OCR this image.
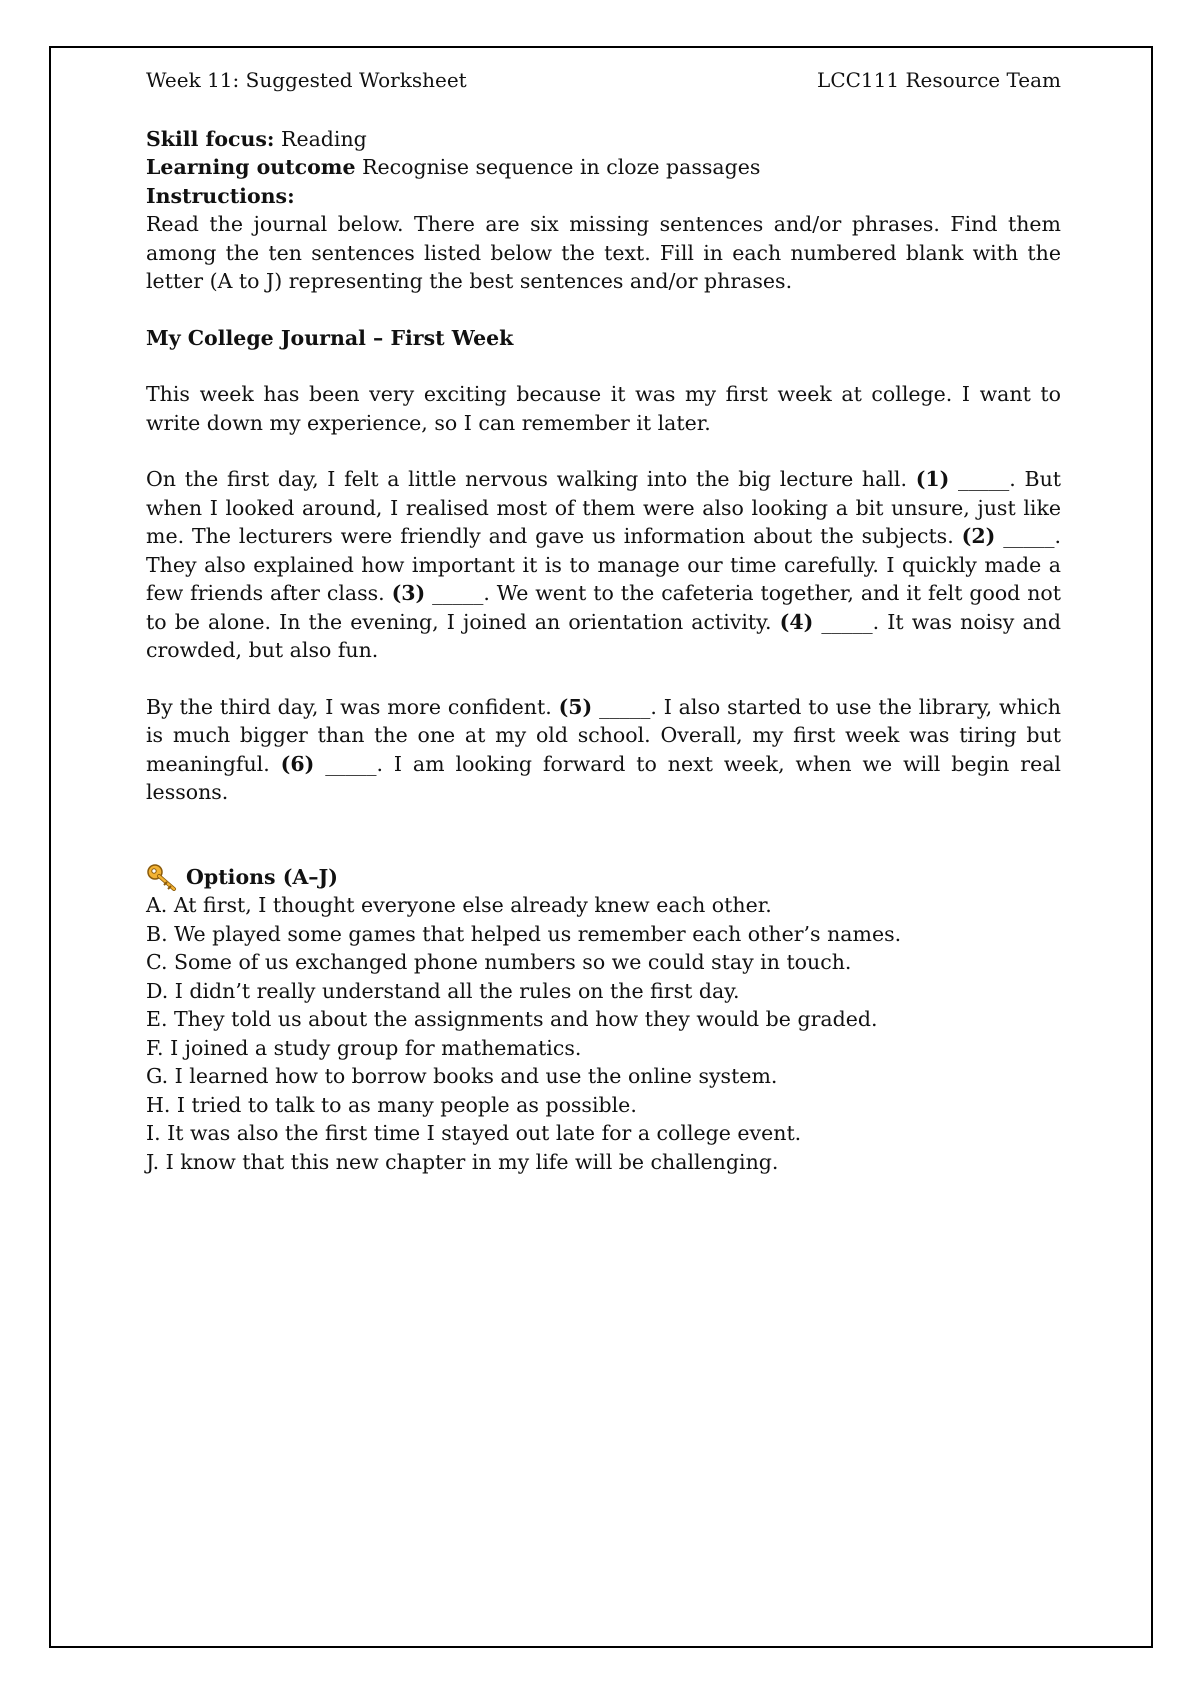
Week 11: Suggested Worksheet	LCC111 Resource Team

Skill focus: Reading

Learning outcome Recognise sequence in cloze passages

Instructions:

Read the journal below. There are six missing sentences and/or phrases. Find them among the ten sentences listed below the text. Fill in each numbered blank with the letter (A to J) representing the best sentences and/or phrases.

My College Journal – First Week

This week has been very exciting because it was my first week at college. I want to write down my experience, so I can remember it later.

On the first day, I felt a little nervous walking into the big lecture hall. (1) _____. But when I looked around, I realised most of them were also looking a bit unsure, just like me. The lecturers were friendly and gave us information about the subjects. (2) _____. They also explained how important it is to manage our time carefully. I quickly made a few friends after class. (3) _____. We went to the cafeteria together, and it felt good not to be alone. In the evening, I joined an orientation activity. (4) _____. It was noisy and crowded, but also fun.

By the third day, I was more confident. (5) _____. I also started to use the library, which is much bigger than the one at my old school. Overall, my first week was tiring but meaningful. (6) _____. I am looking forward to next week, when we will begin real lessons.

Options (A–J)

A. At first, I thought everyone else already knew each other.

B. We played some games that helped us remember each other’s names.

C. Some of us exchanged phone numbers so we could stay in touch.

D. I didn’t really understand all the rules on the first day.

E. They told us about the assignments and how they would be graded.

F. I joined a study group for mathematics.

G. I learned how to borrow books and use the online system.

H. I tried to talk to as many people as possible.

I. It was also the first time I stayed out late for a college event.

J. I know that this new chapter in my life will be challenging.
